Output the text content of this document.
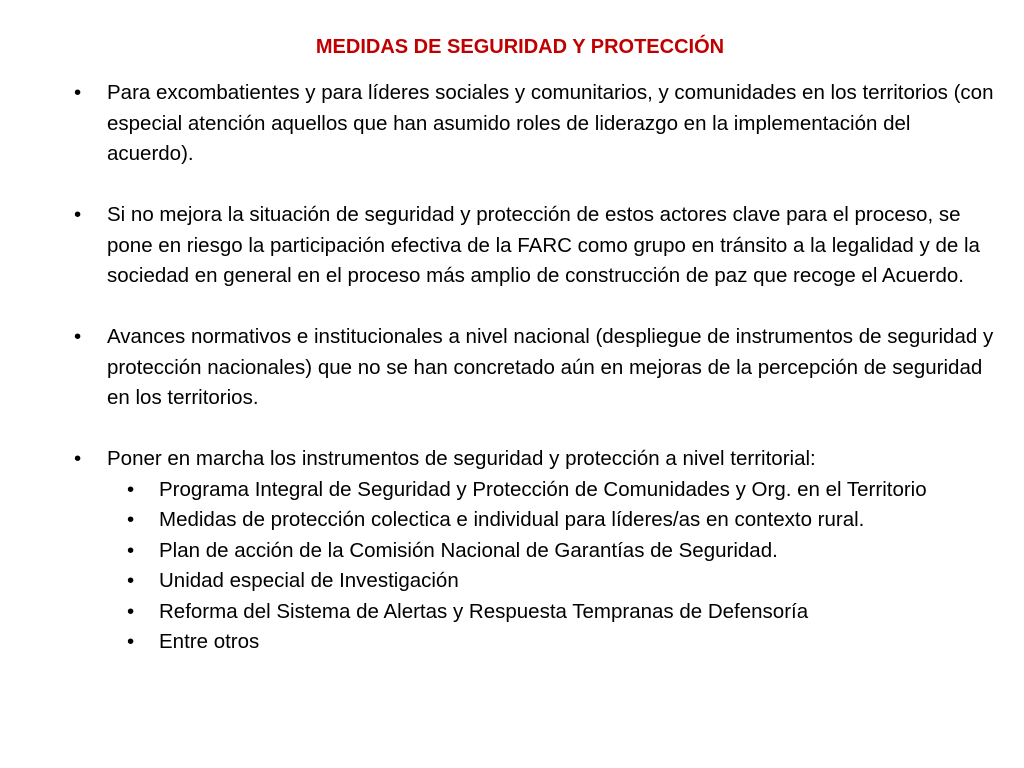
MEDIDAS DE SEGURIDAD Y PROTECCIÓN
•	Para excombatientes y para líderes sociales y comunitarios, y comunidades en los territorios (con especial atención aquellos que han asumido roles de liderazgo en la implementación del acuerdo).
•	Si no mejora la situación de seguridad y protección de estos actores clave para el proceso, se pone en riesgo la participación efectiva de la FARC como grupo en tránsito a la legalidad y de la sociedad en general en el proceso más amplio de construcción de paz que recoge el Acuerdo.
•	Avances normativos e institucionales a nivel nacional (despliegue de instrumentos de seguridad y protección nacionales) que no se han concretado aún en mejoras de la percepción de seguridad en los territorios.
•	Poner en marcha los instrumentos de seguridad y protección a nivel territorial:
•	Programa Integral de Seguridad y Protección de Comunidades y Org. en el Territorio
•	Medidas de protección colectica e individual para líderes/as en contexto rural.
•	Plan de acción de la Comisión Nacional de Garantías de Seguridad.
•	Unidad especial de Investigación
•	Reforma del Sistema de Alertas y Respuesta Tempranas de Defensoría
•	Entre otros
